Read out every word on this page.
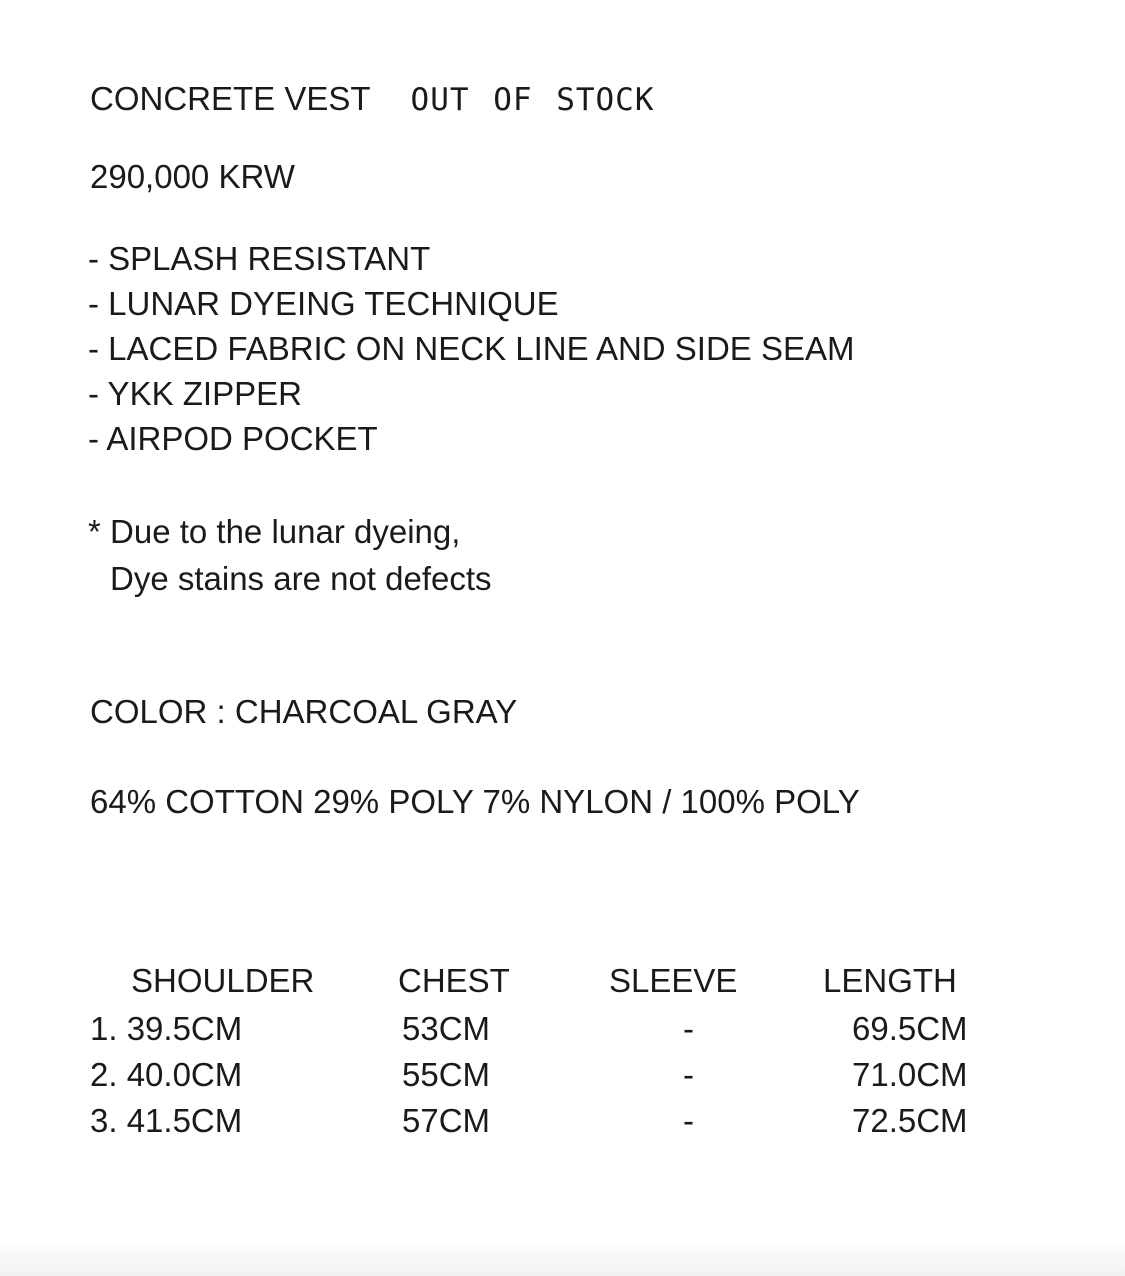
CONCRETE VEST OUT OF STOCK
290,000 KRW
- SPLASH RESISTANT
- LUNAR DYEING TECHNIQUE
- LACED FABRIC ON NECK LINE AND SIDE SEAM
- YKK ZIPPER
- AIRPOD POCKET
* Due to the lunar dyeing,
Dye stains are not defects
COLOR : CHARCOAL GRAY
64% COTTON 29% POLY 7% NYLON / 100% POLY
SHOULDER	CHEST	SLEEVE	LENGTH
1. 39.5CM	53CM	-	69.5CM
2. 40.0CM	55CM	-	71.0CM
3. 41.5CM	57CM	-	72.5CM
